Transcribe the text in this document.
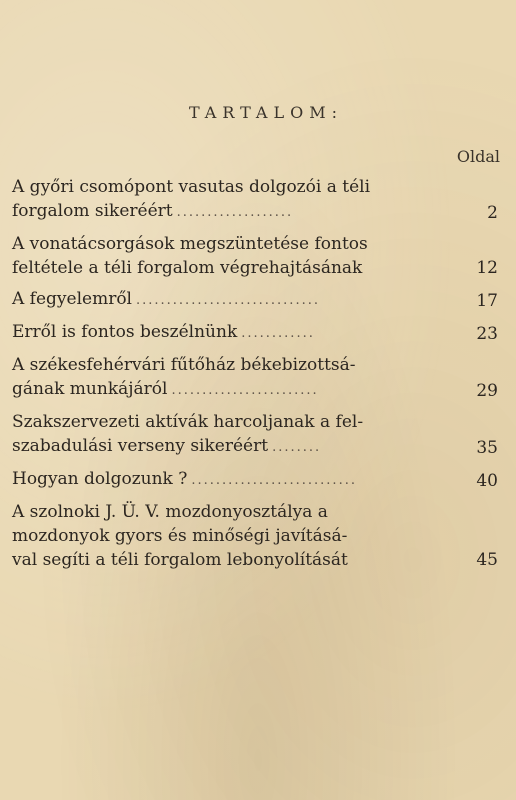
TARTALOM:
Oldal
A győri csomópont vasutas dolgozói a téli
forgalom sikeréért ...................	2
A vonatácsorgások megszüntetése fontos
feltétele a téli forgalom végrehajtásának	12
A fegyelemről ..............................	17
Erről is fontos beszélnünk ............	23
A székesfehérvári fűtőház békebizottsá-
gának munkájáról ........................	29
Szakszervezeti aktívák harcoljanak a fel-
szabadulási verseny sikeréért ........	35
Hogyan dolgozunk ? ...........................	40
A szolnoki J. Ü. V. mozdonyosztálya a
mozdonyok gyors és minőségi javításá-
val segíti a téli forgalom lebonyolítását	45
